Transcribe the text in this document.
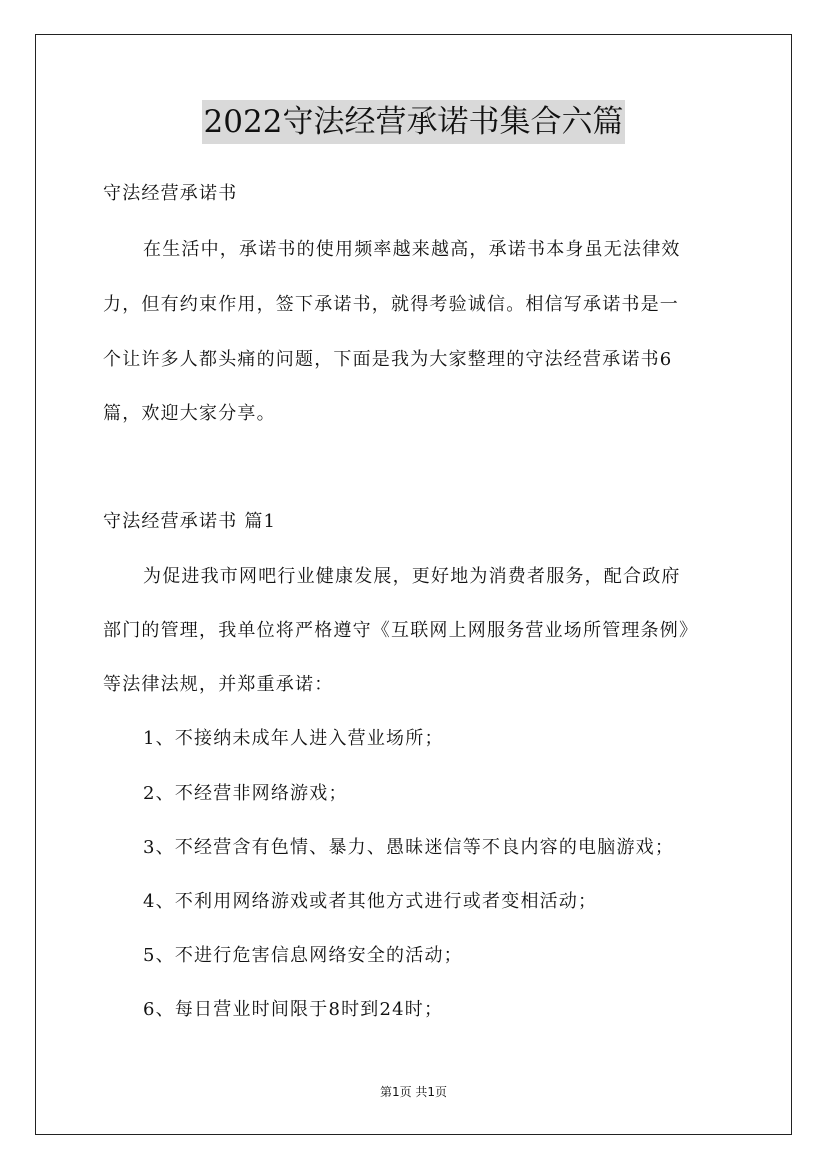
2022守法经营承诺书集合六篇
守法经营承诺书
在生活中，承诺书的使用频率越来越高，承诺书本身虽无法律效
力，但有约束作用，签下承诺书，就得考验诚信。相信写承诺书是一
个让许多人都头痛的问题，下面是我为大家整理的守法经营承诺书6
篇，欢迎大家分享。
守法经营承诺书 篇1
为促进我市网吧行业健康发展，更好地为消费者服务，配合政府
部门的管理，我单位将严格遵守《互联网上网服务营业场所管理条例》
等法律法规，并郑重承诺：
1、不接纳未成年人进入营业场所；
2、不经营非网络游戏；
3、不经营含有色情、暴力、愚昧迷信等不良内容的电脑游戏；
4、不利用网络游戏或者其他方式进行或者变相活动；
5、不进行危害信息网络安全的活动；
6、每日营业时间限于8时到24时；
第1页 共1页
